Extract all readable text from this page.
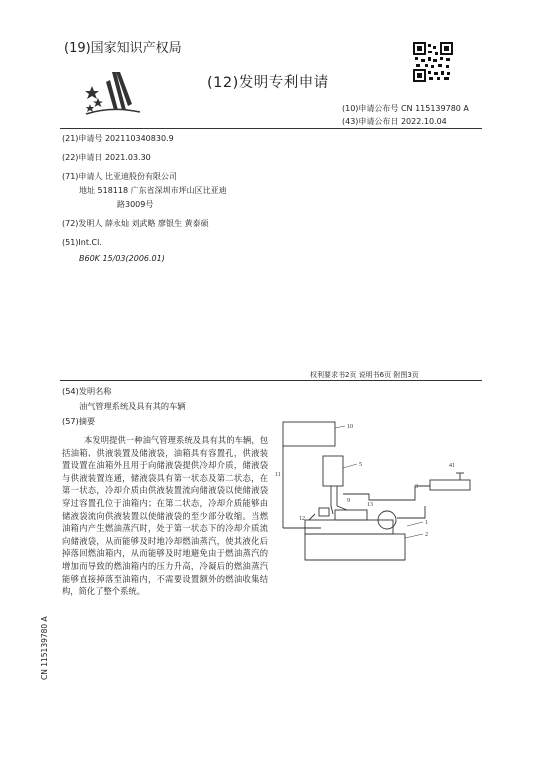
(19)国家知识产权局
(12)发明专利申请
(10)申请公布号 CN 115139780 A
(43)申请公布日 2022.10.04
(21)申请号 202110340830.9
(22)申请日 2021.03.30
(71)申请人 比亚迪股份有限公司
地址 518118 广东省深圳市坪山区比亚迪
路3009号
(72)发明人 薛永灿 刘武略 廖银生 黄泰硕
(51)Int.Cl.
B60K 15/03(2006.01)
权利要求书2页 说明书6页 附图3页
(54)发明名称
油气管理系统及具有其的车辆
(57)摘要
本发明提供一种油气管理系统及具有其的车辆，包括油箱、供液装置及储液袋，油箱具有容置孔，供液装置设置在油箱外且用于向储液袋提供冷却介质，储液袋与供液装置连通，储液袋具有第一状态及第二状态，在第一状态，冷却介质由供液装置流向储液袋以使储液袋穿过容置孔位于油箱内；在第二状态，冷却介质能够由储液袋流向供液装置以使储液袋的至少部分收缩。当燃油箱内产生燃油蒸汽时，处于第一状态下的冷却介质流向储液袋，从而能够及时地冷却燃油蒸汽，使其液化后掉落回燃油箱内，从而能够及时地避免由于燃油蒸汽的增加而导致的燃油箱内的压力升高，冷凝后的燃油蒸汽能够直接掉落至油箱内，不需要设置额外的燃油收集结构，简化了整个系统。
10
11
5
3
41
13
9
12
1
2
CN 115139780 A
